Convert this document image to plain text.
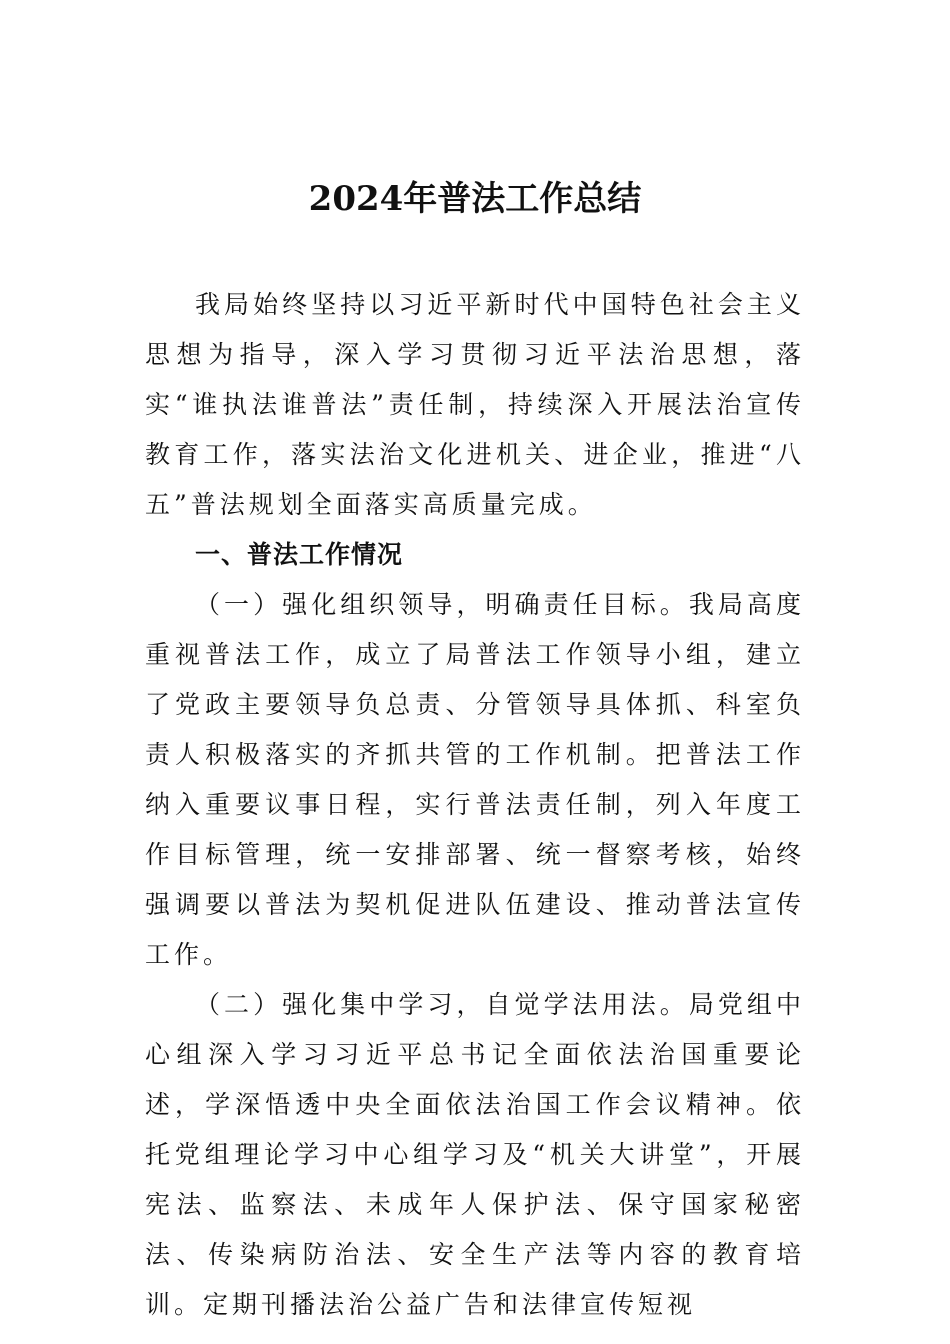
2024年普法工作总结

我局始终坚持以习近平新时代中国特色社会主义思想为指导，深入学习贯彻习近平法治思想，落实“谁执法谁普法”责任制，持续深入开展法治宣传教育工作，落实法治文化进机关、进企业，推进“八五”普法规划全面落实高质量完成。

一、普法工作情况

（一）强化组织领导，明确责任目标。我局高度重视普法工作，成立了局普法工作领导小组，建立了党政主要领导负总责、分管领导具体抓、科室负责人积极落实的齐抓共管的工作机制。把普法工作纳入重要议事日程，实行普法责任制，列入年度工作目标管理，统一安排部署、统一督察考核，始终强调要以普法为契机促进队伍建设、推动普法宣传工作。

（二）强化集中学习，自觉学法用法。局党组中心组深入学习习近平总书记全面依法治国重要论述，学深悟透中央全面依法治国工作会议精神。依托党组理论学习中心组学习及“机关大讲堂”，开展宪法、监察法、未成年人保护法、保守国家秘密法、传染病防治法、安全生产法等内容的教育培训。定期刊播法治公益广告和法律宣传短视
